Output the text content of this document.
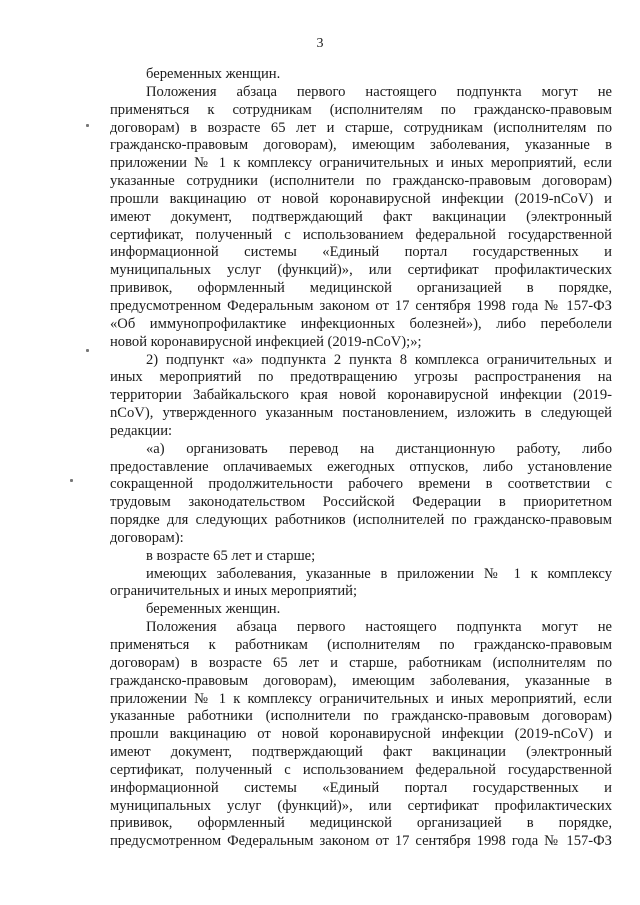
3
беременных женщин.
Положения абзаца первого настоящего подпункта могут не
применяться к сотрудникам (исполнителям по гражданско-правовым
договорам) в возрасте 65 лет и старше, сотрудникам (исполнителям по
гражданско-правовым договорам), имеющим заболевания, указанные в
приложении № 1 к комплексу ограничительных и иных мероприятий, если
указанные сотрудники (исполнители по гражданско-правовым договорам)
прошли вакцинацию от новой коронавирусной инфекции (2019-nCoV) и
имеют документ, подтверждающий факт вакцинации (электронный
сертификат, полученный с использованием федеральной государственной
информационной системы «Единый портал государственных и
муниципальных услуг (функций)», или сертификат профилактических
прививок, оформленный медицинской организацией в порядке,
предусмотренном Федеральным законом от 17 сентября 1998 года № 157-ФЗ
«Об иммунопрофилактике инфекционных болезней»), либо переболели
новой коронавирусной инфекцией (2019-nCoV);»;
2) подпункт «а» подпункта 2 пункта 8 комплекса ограничительных и
иных мероприятий по предотвращению угрозы распространения на
территории Забайкальского края новой коронавирусной инфекции (2019-
nCoV), утвержденного указанным постановлением, изложить в следующей
редакции:
«а) организовать перевод на дистанционную работу, либо
предоставление оплачиваемых ежегодных отпусков, либо установление
сокращенной продолжительности рабочего времени в соответствии с
трудовым законодательством Российской Федерации в приоритетном
порядке для следующих работников (исполнителей по гражданско-правовым
договорам):
в возрасте 65 лет и старше;
имеющих заболевания, указанные в приложении № 1 к комплексу
ограничительных и иных мероприятий;
беременных женщин.
Положения абзаца первого настоящего подпункта могут не
применяться к работникам (исполнителям по гражданско-правовым
договорам) в возрасте 65 лет и старше, работникам (исполнителям по
гражданско-правовым договорам), имеющим заболевания, указанные в
приложении № 1 к комплексу ограничительных и иных мероприятий, если
указанные работники (исполнители по гражданско-правовым договорам)
прошли вакцинацию от новой коронавирусной инфекции (2019-nCoV) и
имеют документ, подтверждающий факт вакцинации (электронный
сертификат, полученный с использованием федеральной государственной
информационной системы «Единый портал государственных и
муниципальных услуг (функций)», или сертификат профилактических
прививок, оформленный медицинской организацией в порядке,
предусмотренном Федеральным законом от 17 сентября 1998 года № 157-ФЗ
